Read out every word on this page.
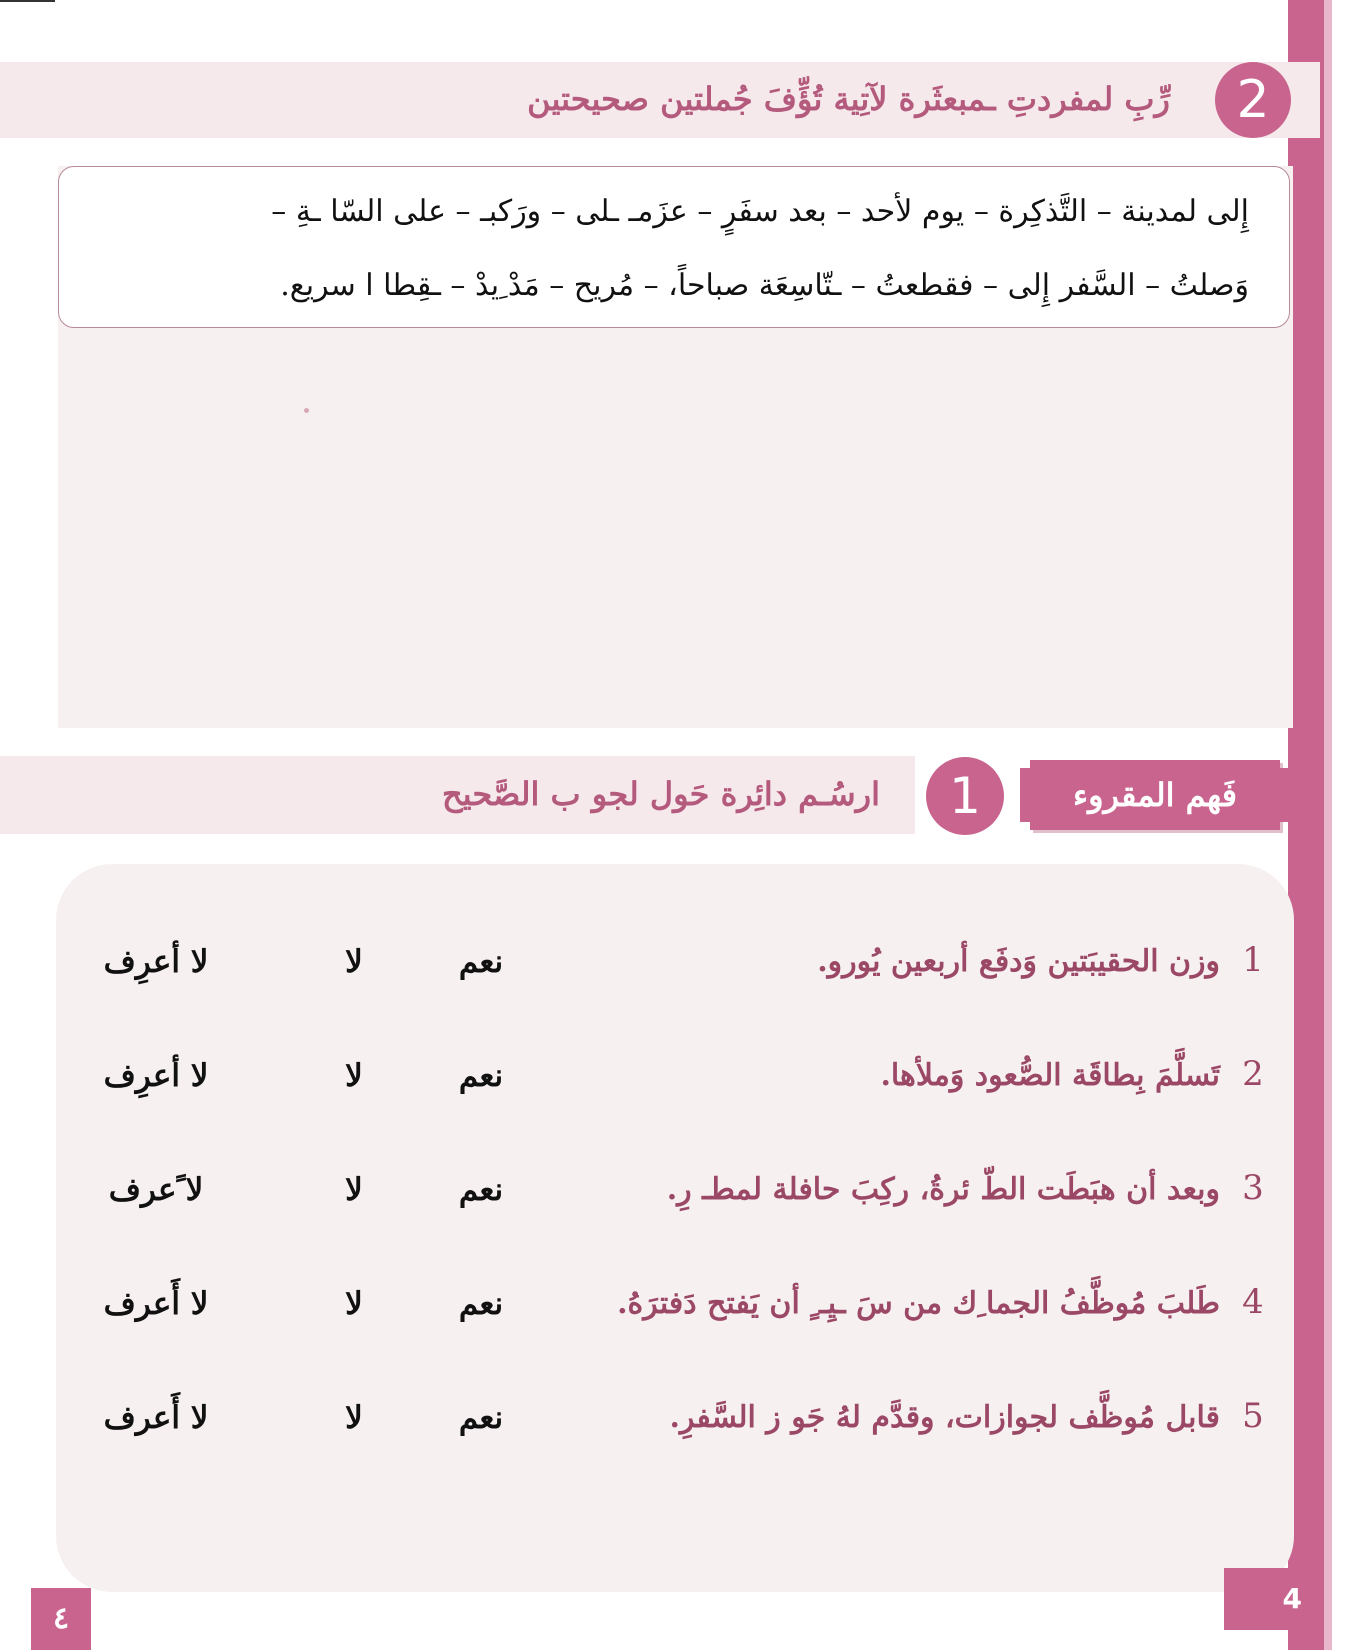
2
رِّبِ لمفردتِ ـمبعثَرة لآتِية تُؤِّفَ جُملتين صحيحتين
إِلى لمدينة – التَّذكِرة – يوم لأحد – بعد سفَرٍ – عزَمـ ـلى – ورَكبـ – على السّا ـةِ –
وَصلتُ – السَّفر إِلى – فقطعتُ – ـتّاسِعَة صباحاً، – مُريح – مَدْ ِيدْ – ـقِطا ا سريع.
ارسُـم دائِرة حَول لجو ب الصَّحيح	1	فَهم المقروء
1
وزن الحقيبَتين وَدفَع أربعين يُورو.
نعم
لا
لا أعرِف
2
تَسلَّمَ بِطاقَة الصُّعود وَملأها.
نعم
لا
لا أعرِف
3
وبعد أن هبَطَت الطّ ئرةُ، ركِبَ حافلة لمطـ رِ.
نعم
لا
لا ًعرف
4
طَلبَ مُوظَّفُ الجما ِك من سَ ـيِـ ٍ أن يَفتح دَفترَهُ.
نعم
لا
لا أَعرف
5
قابل مُوظَّف لجوازات، وقدَّم لهُ جَو ز السَّفرِ.
نعم
لا
لا أَعرف
٤
4
